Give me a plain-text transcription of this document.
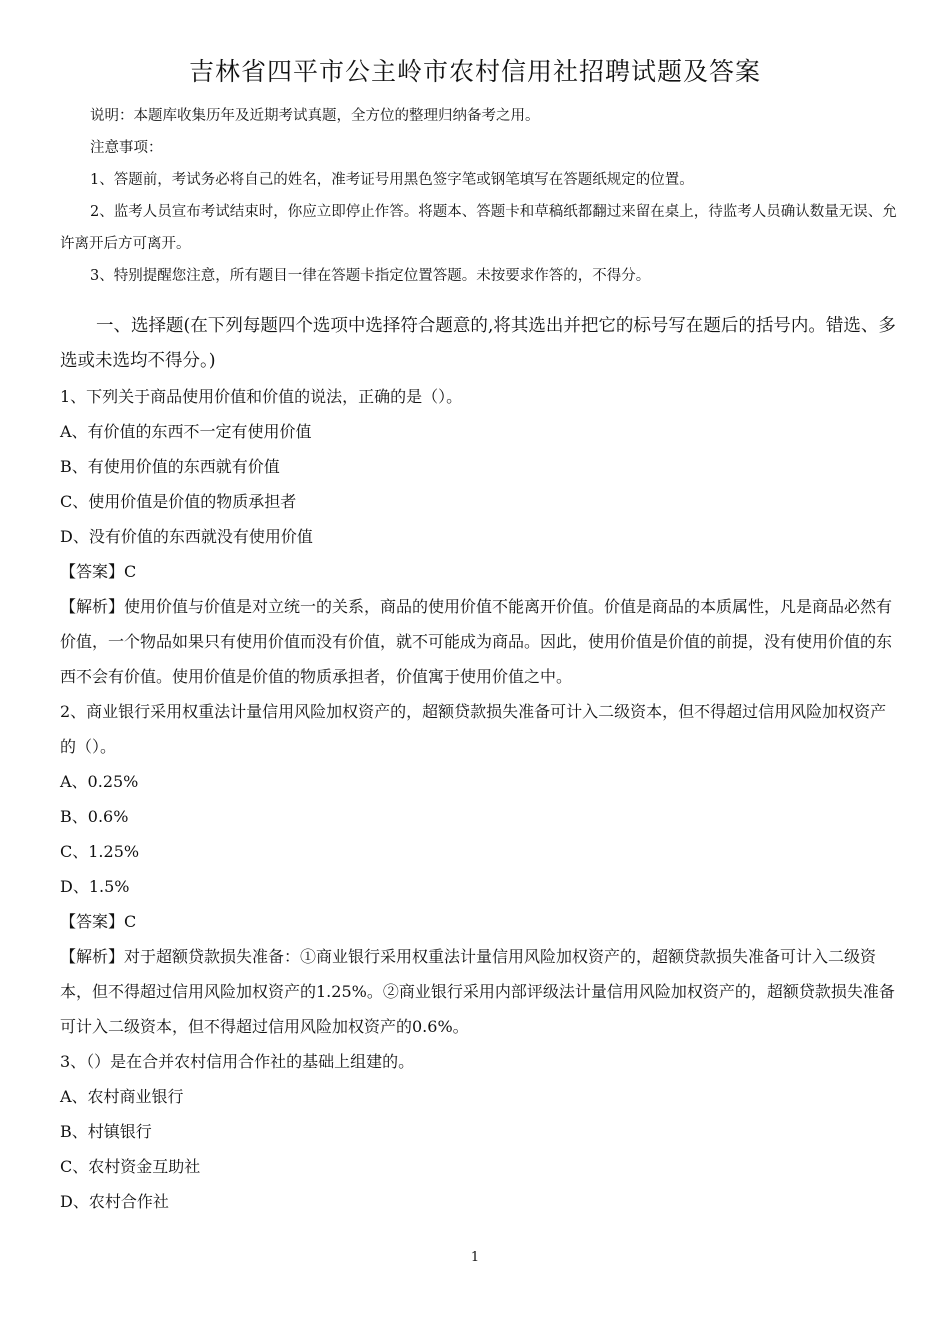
吉林省四平市公主岭市农村信用社招聘试题及答案

说明：本题库收集历年及近期考试真题，全方位的整理归纳备考之用。

注意事项：

1、答题前，考试务必将自己的姓名，准考证号用黑色签字笔或钢笔填写在答题纸规定的位置。

2、监考人员宣布考试结束时，你应立即停止作答。将题本、答题卡和草稿纸都翻过来留在桌上，待监考人员确认数量无误、允许离开后方可离开。

3、特别提醒您注意，所有题目一律在答题卡指定位置答题。未按要求作答的，不得分。

一、选择题(在下列每题四个选项中选择符合题意的,将其选出并把它的标号写在题后的括号内。错选、多选或未选均不得分。)

1、下列关于商品使用价值和价值的说法，正确的是（）。

A、有价值的东西不一定有使用价值

B、有使用价值的东西就有价值

C、使用价值是价值的物质承担者

D、没有价值的东西就没有使用价值

【答案】C

【解析】使用价值与价值是对立统一的关系，商品的使用价值不能离开价值。价值是商品的本质属性，凡是商品必然有价值，一个物品如果只有使用价值而没有价值，就不可能成为商品。因此，使用价值是价值的前提，没有使用价值的东西不会有价值。使用价值是价值的物质承担者，价值寓于使用价值之中。

2、商业银行采用权重法计量信用风险加权资产的，超额贷款损失准备可计入二级资本，但不得超过信用风险加权资产的（）。

A、0.25%

B、0.6%

C、1.25%

D、1.5%

【答案】C

【解析】对于超额贷款损失准备：①商业银行采用权重法计量信用风险加权资产的，超额贷款损失准备可计入二级资本，但不得超过信用风险加权资产的1.25%。②商业银行采用内部评级法计量信用风险加权资产的，超额贷款损失准备可计入二级资本，但不得超过信用风险加权资产的0.6%。

3、（）是在合并农村信用合作社的基础上组建的。

A、农村商业银行

B、村镇银行

C、农村资金互助社

D、农村合作社

1
